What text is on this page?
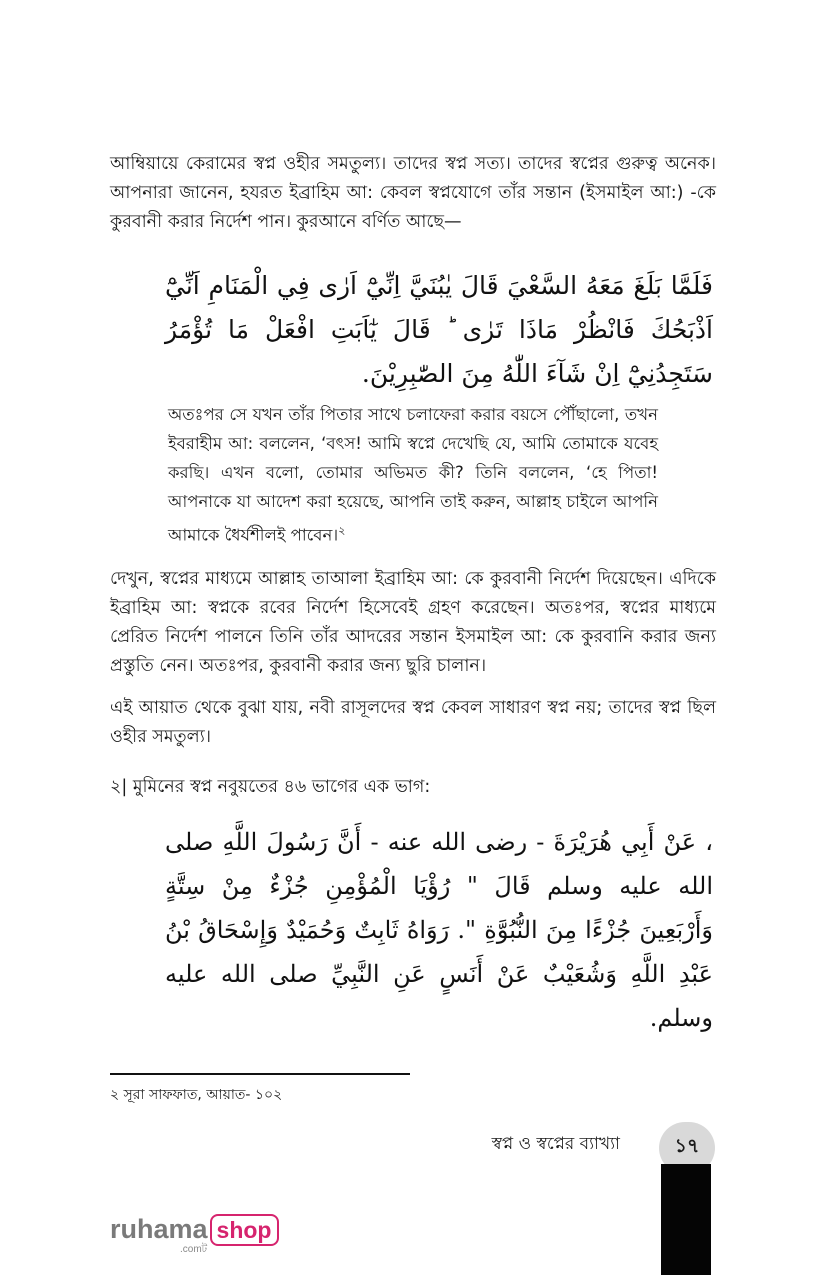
আম্বিয়ায়ে কেরামের স্বপ্ন ওহীর সমতুল্য। তাদের স্বপ্ন সত্য। তাদের স্বপ্নের গুরুত্ব অনেক। আপনারা জানেন, হযরত ইব্রাহিম আ: কেবল স্বপ্নযোগে তাঁর সন্তান (ইসমাইল আ:) -কে কুরবানী করার নির্দেশ পান। কুরআনে বর্ণিত আছে—
فَلَمَّا بَلَغَ مَعَهُ السَّعْيَ قَالَ يٰبُنَيَّ اِنِّيْٓ اَرٰى فِي الْمَنَامِ اَنِّيْٓ اَذْبَحُكَ فَانْظُرْ مَاذَا تَرٰى ؕ قَالَ يٰٓاَبَتِ افْعَلْ مَا تُؤْمَرُ سَتَجِدُنِيْٓ اِنْ شَآءَ اللّٰهُ مِنَ الصّٰبِرِيْنَ.
অতঃপর সে যখন তাঁর পিতার সাথে চলাফেরা করার বয়সে পৌঁছালো, তখন ইবরাহীম আ: বললেন, ‘বৎস! আমি স্বপ্নে দেখেছি যে, আমি তোমাকে যবেহ করছি। এখন বলো, তোমার অভিমত কী? তিনি বললেন, ‘হে পিতা! আপনাকে যা আদেশ করা হয়েছে, আপনি তাই করুন, আল্লাহ চাইলে আপনি আমাকে ধৈর্যশীলই পাবেন।$^২$
দেখুন, স্বপ্নের মাধ্যমে আল্লাহ তাআলা ইব্রাহিম আ: কে কুরবানী নির্দেশ দিয়েছেন। এদিকে ইব্রাহিম আ: স্বপ্নকে রবের নির্দেশ হিসেবেই গ্রহণ করেছেন। অতঃপর, স্বপ্নের মাধ্যমে প্রেরিত নির্দেশ পালনে তিনি তাঁর আদরের সন্তান ইসমাইল আ: কে কুরবানি করার জন্য প্রস্তুতি নেন। অতঃপর, কুরবানী করার জন্য ছুরি চালান।
এই আয়াত থেকে বুঝা যায়, নবী রাসূলদের স্বপ্ন কেবল সাধারণ স্বপ্ন নয়; তাদের স্বপ্ন ছিল ওহীর সমতুল্য।
২| মুমিনের স্বপ্ন নবুয়তের ৪৬ ভাগের এক ভাগ:
، عَنْ أَبِي هُرَيْرَةَ - رضى الله عنه - أَنَّ رَسُولَ اللَّهِ صلى الله عليه وسلم قَالَ " رُؤْيَا الْمُؤْمِنِ جُزْءٌ مِنْ سِتَّةٍ وَأَرْبَعِينَ جُزْءًا مِنَ النُّبُوَّةِ ". رَوَاهُ ثَابِتٌ وَحُمَيْدٌ وَإِسْحَاقُ بْنُ عَبْدِ اللَّهِ وَشُعَيْبٌ عَنْ أَنَسٍ عَنِ النَّبِيِّ صلى الله عليه وسلم.
২ সূরা সাফফাত, আয়াত- ১০২
স্বপ্ন ও স্বপ্নের ব্যাখ্যা	১৭
ruhama shop
.comট
